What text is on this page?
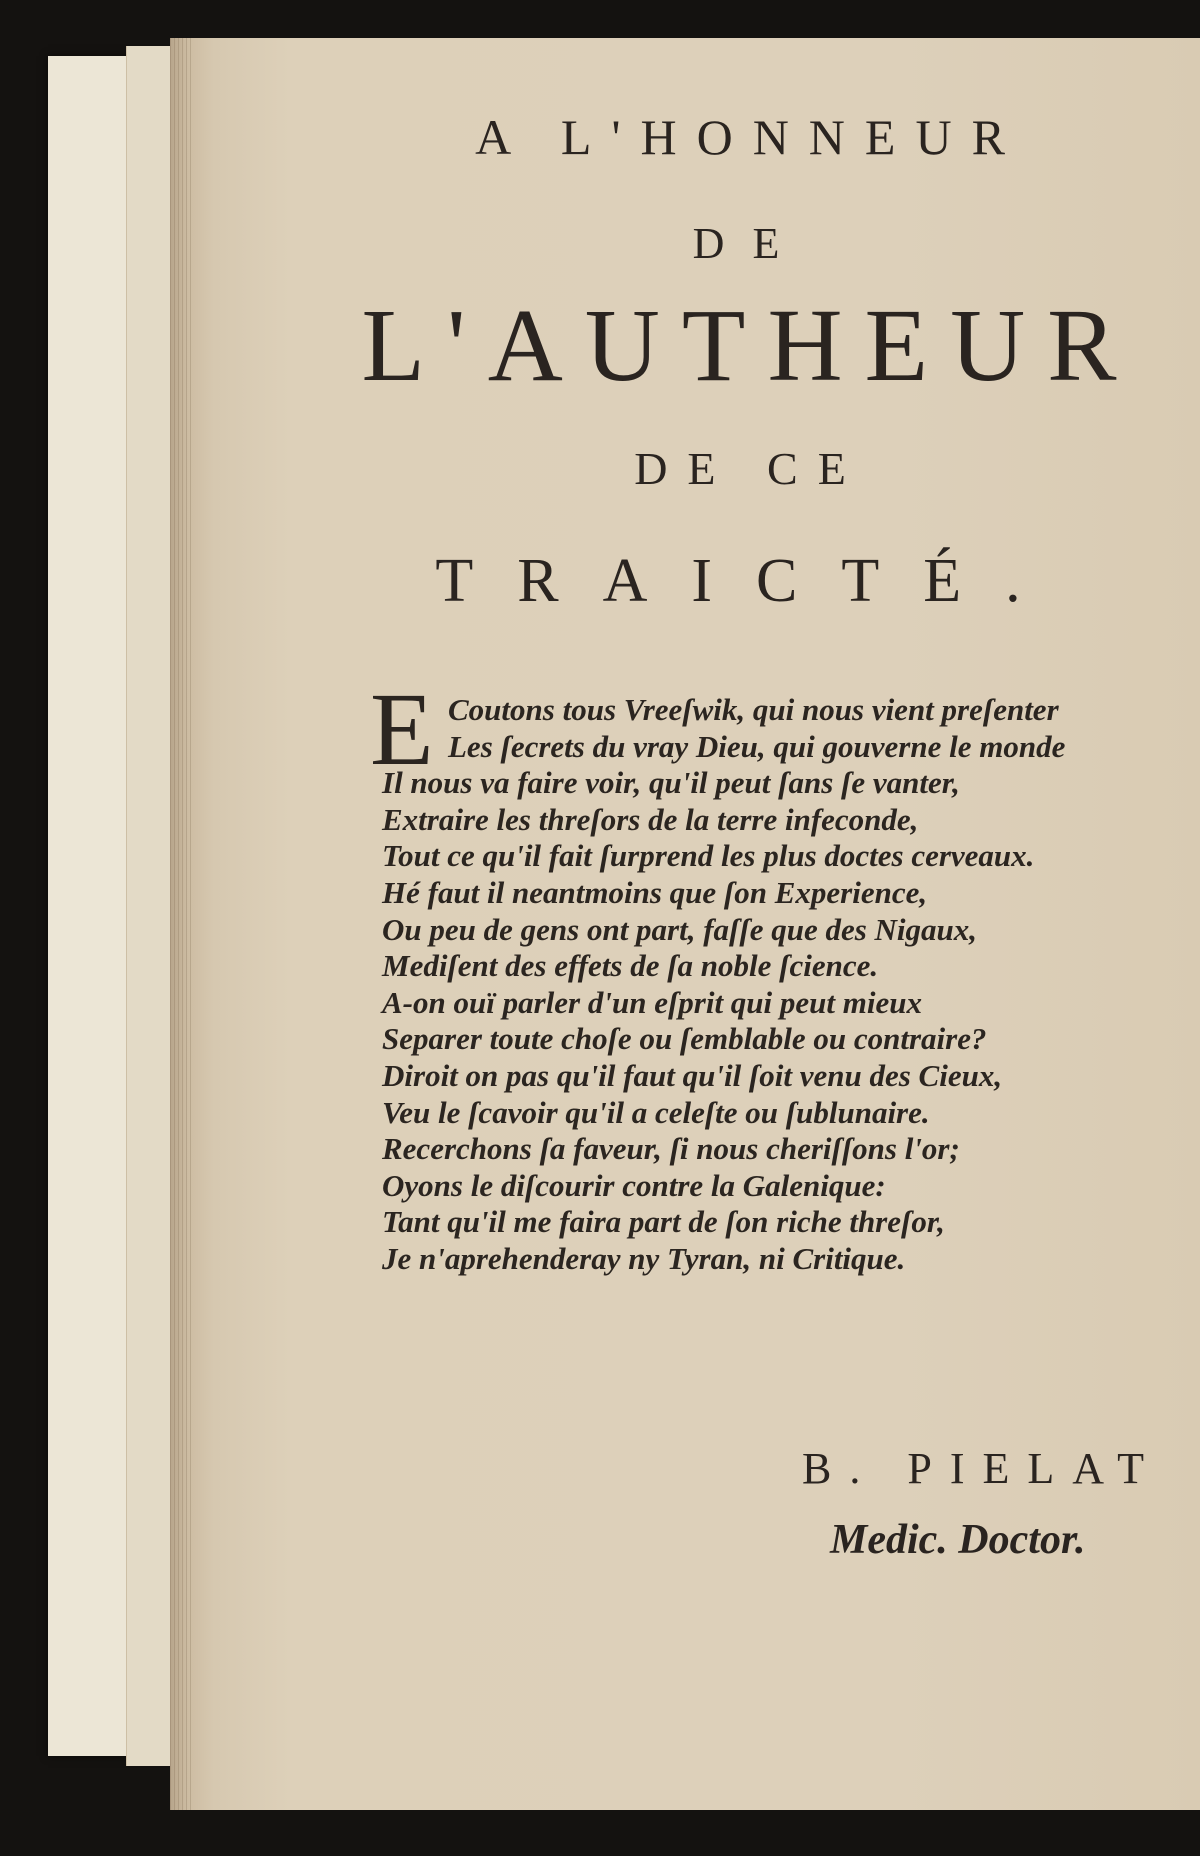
A L'HONNEUR
DE
L'AUTHEUR
DE CE
TRAICTÉ.
E Coutons tous Vreeſwik, qui nous vient preſenter
Les ſecrets du vray Dieu, qui gouverne le monde
Il nous va faire voir, qu'il peut ſans ſe vanter,
Extraire les threſors de la terre infeconde,
Tout ce qu'il fait ſurprend les plus doctes cerveaux.
Hé faut il neantmoins que ſon Experience,
Ou peu de gens ont part, faſſe que des Nigaux,
Mediſent des effets de ſa noble ſcience.
A-on ouï parler d'un eſprit qui peut mieux
Separer toute choſe ou ſemblable ou contraire?
Diroit on pas qu'il faut qu'il ſoit venu des Cieux,
Veu le ſcavoir qu'il a celeſte ou ſublunaire.
Recerchons ſa faveur, ſi nous cheriſſons l'or;
Oyons le diſcourir contre la Galenique:
Tant qu'il me faira part de ſon riche threſor,
Je n'aprehenderay ny Tyran, ni Critique.
B. PIELAT
Medic. Doctor.
